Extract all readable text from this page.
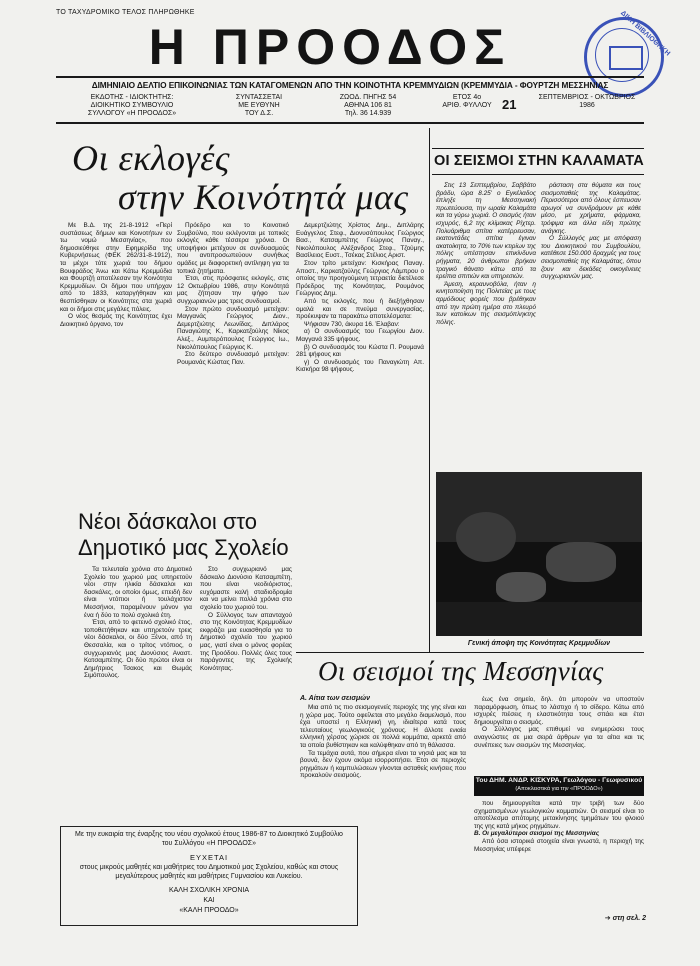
ΤΟ ΤΑΧΥΔΡΟΜΙΚΟ ΤΕΛΟΣ ΠΛΗΡΩΘΗΚΕ
Η ΠΡΟΟΔΟΣ	ΔΙΚΗ ΒΙΒΛΙΟΘΗΚΗ
ΔΙΜΗΝΙΑΙΟ ΔΕΛΤΙΟ ΕΠΙΚΟΙΝΩΝΙΑΣ ΤΩΝ ΚΑΤΑΓΟΜΕΝΩΝ ΑΠΟ ΤΗΝ ΚΟΙΝΟΤΗΤΑ ΚΡΕΜΜΥΔΙΩΝ (ΚΡΕΜΜΥΔΙΑ - ΦΟΥΡΤΖΗ ΜΕΣΣΗΝΙΑΣ
ΕΚΔΟΤΗΣ - ΙΔΙΟΚΤΗΤΗΣ:
ΔΙΟΙΚΗΤΙΚΟ ΣΥΜΒΟΥΛΙΟ
ΣΥΛΛΟΓΟΥ «Η ΠΡΟΟΔΟΣ»
ΣΥΝΤΑΣΣΕΤΑΙ
ΜΕ ΕΥΘΥΝΗ
ΤΟΥ Δ.Σ.
ΖΩΟΔ. ΠΗΓΗΣ 54
ΑΘΗΝΑ 106 81
Τηλ. 36 14.939
ΕΤΟΣ 4ο
ΑΡΙΘ. ΦΥΛΛΟΥ 21	ΣΕΠΤΕΜΒΡΙΟΣ - ΟΚΤΩΒΡΙΟΣ
1986
Οι εκλογές
στην Κοινότητά μας

Με Β.Δ. της 21-8-1912 «Περί συστάσεως δήμων και Κοινοτήτων εν τω νομώ Μεσσηνίας», που δημοσιεύθηκε στην Εφημερίδα της Κυβερνήσεως (ΦΕΚ 262/31-8-1912), τα μέχρι τότε χωριά του δήμου Βουφράδος Άνω και Κάτω Κρεμμύδια και Φουρτζή αποτέλεσαν την Κοινότητα Κρεμμυδίων. Οι δήμοι που υπήρχαν από το 1833, καταργήθηκαν και θεσπίσθηκαν οι Κοινότητες στα χωριά και οι δήμοι στις μεγάλες πόλεις.

Ο νέος θεσμός της Κοινότητας έχει Διοικητικό όργανο, τον

Πρόεδρο και το Κοινοτικό Συμβούλιο, που εκλέγονται με τοπικές εκλογές κάθε τέσσερα χρόνια. Οι υποψήφιοι μετέχουν σε συνδυασμούς που αντιπροσωπεύουν συνήθως ομάδες με διαφορετική αντίληψη για τα τοπικά ζητήματα.

Έτσι, στις πρόσφατες εκλογές, στις 12 Οκτωβρίου 1986, στην Κοινότητά μας ζήτησαν την ψήφο των συγχωριανών μας τρεις συνδυασμοί.

Στον πρώτο συνδυασμό μετείχαν: Μαγγανάς Γεώργιος Διον., Δεμερτζιώτης Λεωνίδας, Διπλάρος Παναγιώτης Κ., Καρκατζούλης Νίκος Αλεξ., Αυμπερόπουλος Γεώργιος Ιω., Νικολόπουλος Γεώργιος Κ.

Στο δεύτερο συνδυασμό μετείχαν: Ρουμανάς Κώστας Παν.

Δεμερτζιώτης Χρίστος Δημ., Διπλάρης Ευάγγελος Στεφ., Διονυσόπουλος Γεώργιος Βασ., Κατσαμπέτης Γεώργιος Παναγ., Νικολόπουλος Αλέξανδρος Στεφ., Τζούμης Βασίλειος Ευστ., Τσέκας Στέλιος Αριστ.

Στον τρίτο μετείχαν: Κισκήρας Παναγ. Αποστ., Καρκατζούλης Γεώργιος Λάμπρου ο οποίος την προηγούμενη τετραετία διετέλεσε Πρόεδρος της Κοινότητας, Ρουμάνος Γεώργιος Δημ.

Από τις εκλογές, που ή διεξήχθησαν ομαλά και σε πνεύμα συνεργασίας, προέκυψαν τα παρακάτω αποτελέσματα:

Ψήφισαν 730, άκυρα 16. Έλαβαν:

α) Ο συνδυασμός του Γεωργίου Διον. Μαγγανά 335 ψήφους.

β) Ο συνδυασμός του Κώστα Π. Ρουμανά 281 ψήφους και

γ) Ο συνδυασμός του Παναγιώτη Απ. Κισκήρα 98 ψήφους.

Νέοι δάσκαλοι στο
Δημοτικό μας Σχολείο

Τα τελευταία χρόνια στο Δημοτικό Σχολείο του χωριού μας υπηρετούν νέοι στην ηλικία δάσκαλοι και δασκάλες, οι οποίοι όμως, επειδή δεν είναι ντόπιοι ή τουλάχιστον Μεσσήνιοι, παραμένουν μόνον για ένα ή δύο το πολύ σχολικά έτη.

Έτσι, από το φετεινό σχολικό έτος, τοποθετήθηκαν και υπηρετούν τρεις νέοι δάσκαλοι, οι δύο Ξένοι, από τη Θεσσαλία, και ο τρίτος ντόπιος, ο συγχωριανός μας Διονύσιος Αναστ. Κατσαμπέτης. Οι δύο πρώτοι είναι οι Δημήτριος Τσακος και Θωμάς Σιμόπουλος.

Στο συγχωριανό μας δάσκαλο Διονύσιο Κατσαμπέτη, που είναι νεοδιόριστος, ευχόμαστε καλή σταδιοδρομία και να μείνει πολλά χρόνια στο σχολείο του χωριού του.

Ο Σύλλογος των απανταχού στο της Κοινότητας Κρεμμυδίων εκφράζει μια ευαισθησία για το Δημοτικό σχολείο του χωριού μας, γιατί είναι ο μόνος φορέας της Προόδου. Πολλές όλες τους παράγοντες της Σχολικής Κοινότητας.

Με την ευκαιρία της έναρξης του νέου σχολικού έτους 1986-87 το Διοικητικό Συμβούλιο του Συλλόγου «Η ΠΡΟΟΔΟΣ»
ΕΥΧΕΤΑΙ
στους μικρούς μαθητές και μαθήτριες του Δημοτικού μας Σχολείου, καθώς και στους μεγαλύτερους μαθητές και μαθήτριες Γυμνασίου και Λυκείου.
ΚΑΛΗ ΣΧΟΛΙΚΗ ΧΡΟΝΙΑ
ΚΑΙ
«ΚΑΛΗ ΠΡΟΟΔΟ»
ΟΙ ΣΕΙΣΜΟΙ ΣΤΗΝ ΚΑΛΑΜΑΤΑ

Στις 13 Σεπτεμβρίου, Σαββάτο βράδυ, ώρα 8.25' ο Εγκέλαδος έπληξε τη Μεσσηνιακή πρωτεύουσα, την ωραία Καλαμάτα και τα γύρω χωριά. Ο σεισμός ήταν ισχυρός, 6,2 της κλίμακας Ρίχτερ. Πολυάριθμα σπίτια κατέρρευσαν, εκατοντάδες σπίτια έγιναν ακατοίκητα, το 70% των κτιρίων της πόλης υπέστησαν επικίνδυνα ρήγματα, 20 άνθρωποι βρήκαν τραγικό θάνατο κάτω από τα ερείπια σπιτιών και υπηρεσιών.

Άμεση, κεραυνοβόλα, ήταν η κινητοποίηση της Πολιτείας με τους αρμόδιους φορείς που βρέθηκαν από την πρώτη ημέρα στο πλευρό των κατοίκων της σεισμόπληκτης πόλης.

ράσταση στα θύματα και τους σεισμοπαθείς της Καλαμάτας. Περισσότεροι από όλους έσπευσαν αρωγοί να συνδράμουν με κάθε μέσο, με χρήματα, φάρμακα, τρόφιμα και άλλα είδη πρώτης ανάγκης.

Ο Σύλλογός μας με απόφαση του Διοικητικού του Συμβουλίου, κατέθεσε 150.000 δραχμές για τους σεισμοπαθείς της Καλαμάτας, όπου ζουν και δεκάδες οικογένειες συγχωριανών μας.

Γενική άποψη της Κοινότητας Κρεμμυδίων
Οι σεισμοί της Μεσσηνίας
Α. Αίτια των σεισμών

Μια από τις πιο σεισμογενείς περιοχές της γης είναι και η χώρα μας. Τούτο οφείλεται στο μεγάλο διαμελισμό, που έχει υποστεί η Ελληνική γη, ιδιαίτερα κατά τους τελευταίους γεωλογικούς χρόνους. Η άλλοτε ενιαία ελληνική χέρσος χώρισε σε πολλά κομμάτια, αρκετά από τα οποία βυθίστηκαν και καλύφθηκαν από τη θάλασσα.

Τα τεμάχια αυτά, που σήμερα είναι τα νησιά μας και τα βουνά, δεν έχουν ακόμα ισορροπήσει. Έτσι σε περιοχές ρηγμάτων ή καμπυλώσεων γίνονται ασταθείς κινήσεις που προκαλούν σεισμούς.

έως ένα σημείο, δηλ. ότι μπορούν να υποστούν παραμόρφωση, όπως το λάστιχο ή το σίδερο. Κάτω από ισχυρές πιέσεις η ελαστικότητα τους σπάει και έτσι δημιουργείται ο σεισμός.

Ο Σύλλογος μας επιθυμεί να ενημερώσει τους αναγνώστες σε μια σειρά άρθρων για τα αίτια και τις συνέπειες των σεισμών της Μεσσηνίας.

Του ΔΗΜ. ΑΝΔΡ. ΚΙΣΚΥΡΑ, Γεωλόγου - Γεωφυσικού
(Αποκλειστικά για την «ΠΡΟΟΔΟ»)

που δημιουργείται κατά την τριβή των δύο σχηματισμένων γεωλογικών κομματιών. Οι σεισμοί είναι το αποτέλεσμα απότομης μετακίνησης τμημάτων του φλοιού της γης κατά μήκος ρηγμάτων.

Β. Οι μεγαλύτεροι σεισμοί της Μεσσηνίας

Από όσα ιστορικά στοιχεία είναι γνωστά, η περιοχή της Μεσσηνίας υπέφερε

➔ στη σελ. 2
